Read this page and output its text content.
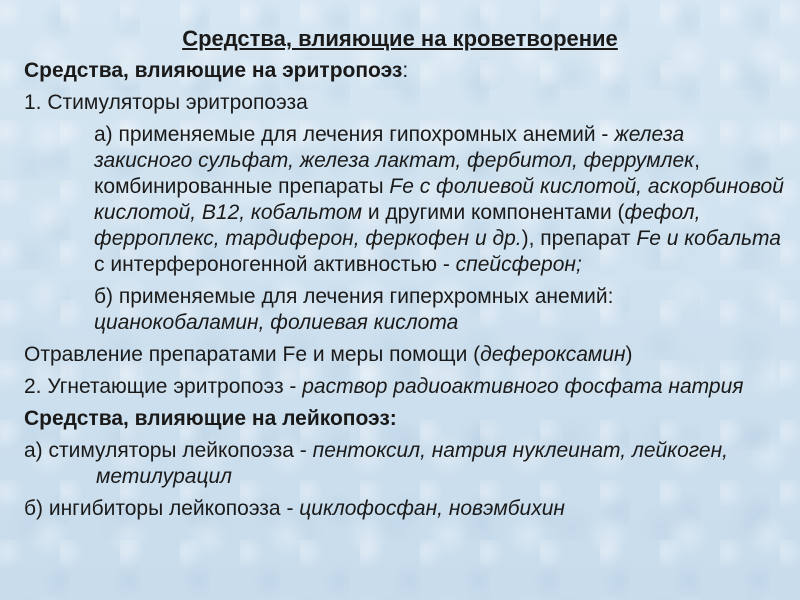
Средства, влияющие на кроветворение

Средства, влияющие на эритропоэз:

1. Стимуляторы эритропоэза

а) применяемые для лечения гипохромных анемий - железа закисного сульфат, железа лактат, фербитол, феррумлек, комбинированные препараты Fe с фолиевой кислотой, аскорбиновой кислотой, В12, кобальтом и другими компонентами (фефол, ферроплекс, тардиферон, феркофен и др.), препарат Fe и кобальта с интерфероногенной активностью - спейсферон;

б) применяемые для лечения гиперхромных анемий: цианокобаламин, фолиевая кислота

Отравление препаратами Fe и меры помощи (дефероксамин)

2. Угнетающие эритропоэз - раствор радиоактивного фосфата натрия

Средства, влияющие на лейкопоэз:

а) стимуляторы лейкопоэза - пентоксил, натрия нуклеинат, лейкоген, метилурацил

б) ингибиторы лейкопоэза - циклофосфан, новэмбихин
